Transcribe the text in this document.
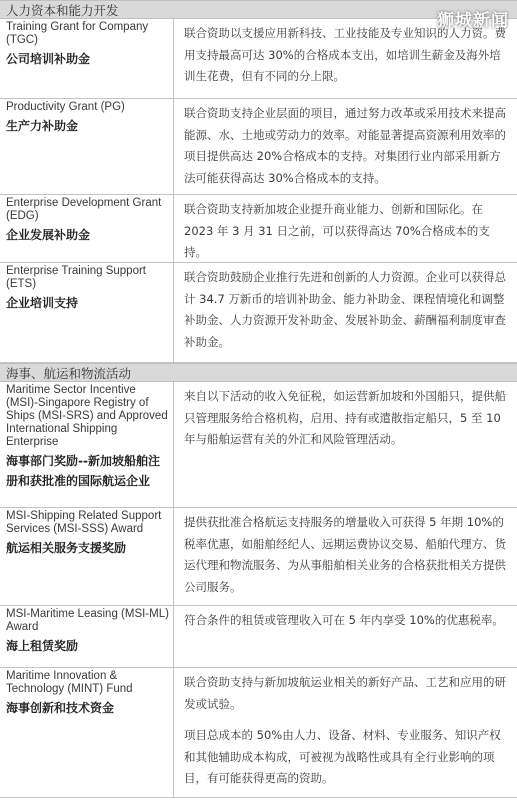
狮城新闻
人力资本和能力开发
Training Grant for Company (TGC)
公司培训补助金

联合资助以支援应用新科技、工业技能及专业知识的人力资。费用支持最高可达 30%的合格成本支出，如培训生薪金及海外培训生花费，但有不同的分上限。

Productivity Grant (PG)
生产力补助金

联合资助支持企业层面的项目，通过努力改革或采用技术来提高能源、水、土地或劳动力的效率。对能显著提高资源利用效率的项目提供高达 20%合格成本的支持。对集团行业内部采用新方法可能获得高达 30%合格成本的支持。

Enterprise Development Grant (EDG)
企业发展补助金

联合资助支持新加坡企业提升商业能力、创新和国际化。在 2023 年 3 月 31 日之前，可以获得高达 70%合格成本的支持。

Enterprise Training Support (ETS)
企业培训支持

联合资助鼓励企业推行先进和创新的人力资源。企业可以获得总计 34.7 万新币的培训补助金、能力补助金、课程情境化和调整补助金、人力资源开发补助金、发展补助金、薪酬福利制度审查补助金。

海事、航运和物流活动
Maritime Sector Incentive (MSI)-Singapore Registry of Ships (MSI-SRS) and Approved International Shipping Enterprise
海事部门奖励--新加坡船舶注册和获批准的国际航运企业

来自以下活动的收入免征税，如运营新加坡和外国船只，提供船只管理服务给合格机构，启用、持有或遣散指定船只，5 至 10 年与船舶运营有关的外汇和风险管理活动。

MSI-Shipping Related Support Services (MSI-SSS) Award
航运相关服务支援奖励

提供获批准合格航运支持服务的增量收入可获得 5 年期 10%的税率优惠，如船舶经纪人、远期运费协议交易、船舶代理方、货运代理和物流服务、为从事船舶相关业务的合格获批相关方提供公司服务。

MSI-Maritime Leasing (MSI-ML) Award
海上租赁奖励

符合条件的租赁或管理收入可在 5 年内享受 10%的优惠税率。

Maritime Innovation & Technology (MINT) Fund
海事创新和技术资金

联合资助支持与新加坡航运业相关的新好产品、工艺和应用的研发或试验。

项目总成本的 50%由人力、设备、材料、专业服务、知识产权和其他辅助成本构成，可被视为战略性或具有全行业影响的项目，有可能获得更高的资助。
